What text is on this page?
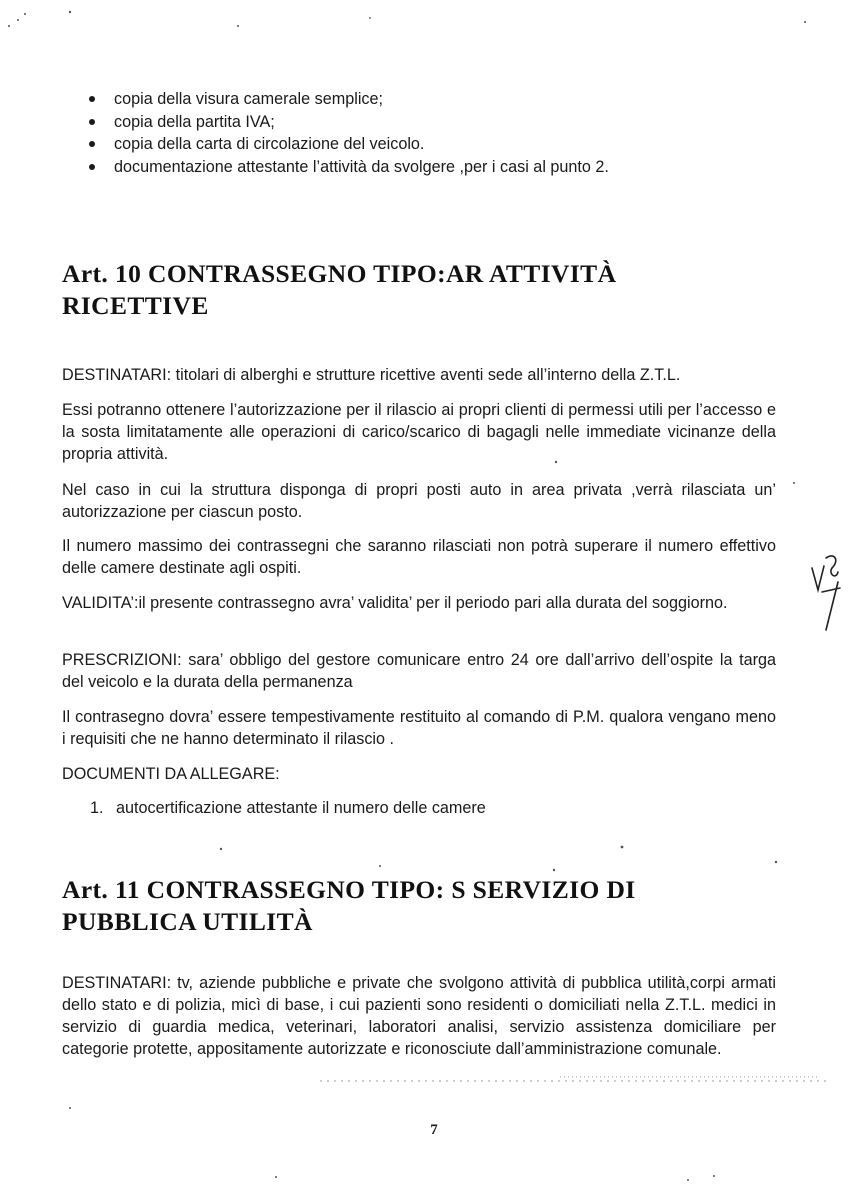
copia della visura camerale semplice;
copia della partita IVA;
copia della carta di circolazione del veicolo.
documentazione attestante l’attività da svolgere ,per i casi al punto 2.
Art. 10 CONTRASSEGNO TIPO:AR ATTIVITÀ
RICETTIVE

DESTINATARI: titolari di alberghi e strutture ricettive aventi sede all’interno della Z.T.L.

Essi potranno ottenere l’autorizzazione per il rilascio ai propri clienti di permessi utili per l’accesso e la sosta limitatamente alle operazioni di carico/scarico di bagagli nelle immediate vicinanze della propria attività.

Nel caso in cui la struttura disponga di propri posti auto in area privata ,verrà rilasciata un’ autorizzazione per ciascun posto.

Il numero massimo dei contrassegni che saranno rilasciati non potrà superare il numero effettivo delle camere destinate agli ospiti.

VALIDITA’:il presente contrassegno avra’ validita’ per il periodo pari alla durata del soggiorno.

PRESCRIZIONI: sara’ obbligo del gestore comunicare entro 24 ore dall’arrivo dell’ospite la targa del veicolo e la durata della permanenza

Il contrasegno dovra’ essere tempestivamente restituito al comando di P.M. qualora vengano meno i requisiti che ne hanno determinato il rilascio .

DOCUMENTI DA ALLEGARE:

1. autocertificazione attestante il numero delle camere

Art. 11 CONTRASSEGNO TIPO: S SERVIZIO DI
PUBBLICA UTILITÀ

DESTINATARI: tv, aziende pubbliche e private che svolgono attività di pubblica utilità,corpi armati dello stato e di polizia, micì di base, i cui pazienti sono residenti o domiciliati nella Z.T.L. medici in servizio di guardia medica, veterinari, laboratori analisi, servizio assistenza domiciliare per categorie protette, appositamente autorizzate e riconosciute dall’amministrazione comunale.

7
